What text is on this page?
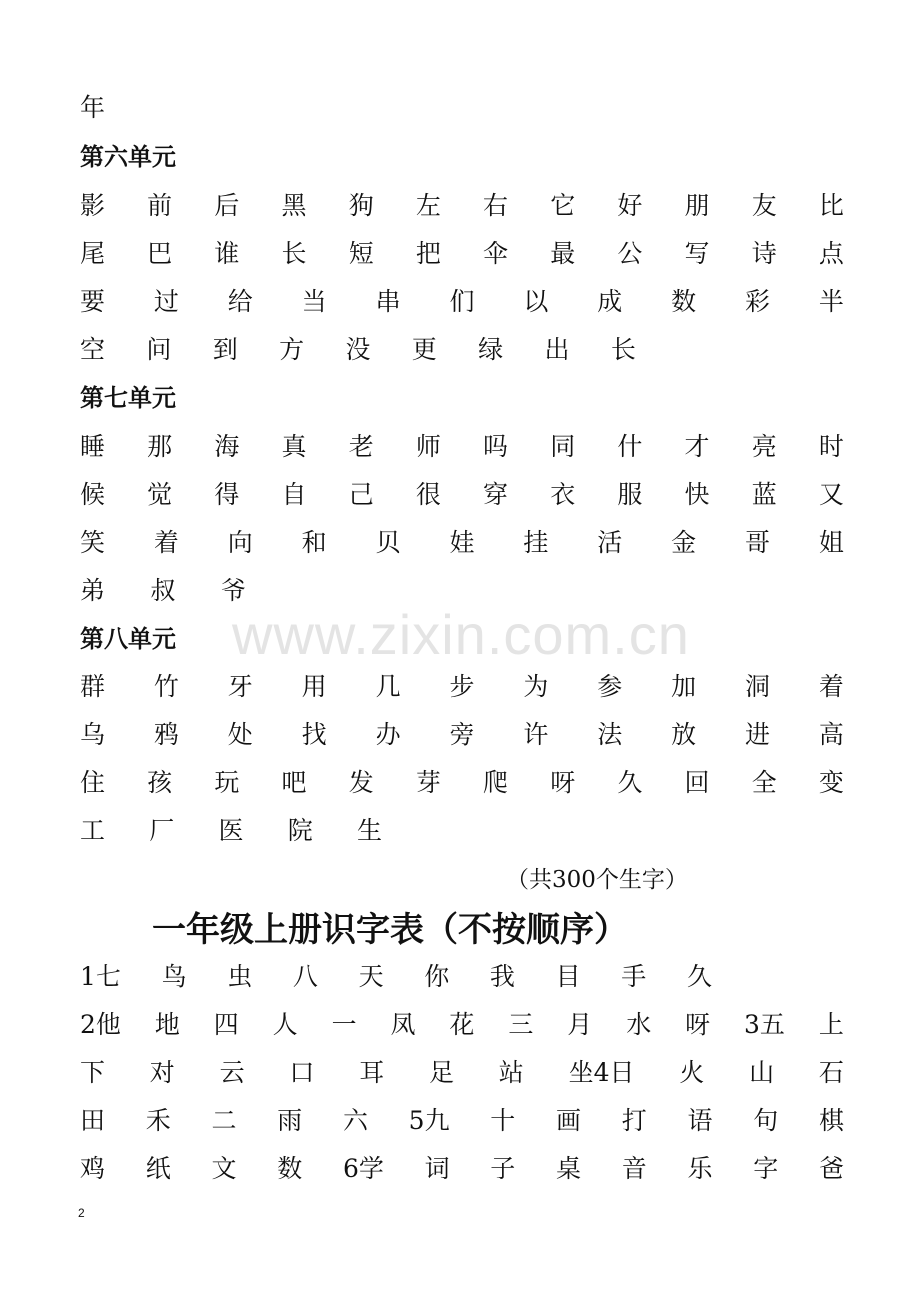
www.zixin.com.cn
年
第六单元
影 前 后 黑 狗 左 右 它 好 朋 友 比
尾 巴 谁 长 短 把 伞 最 公 写 诗 点
要 过 给 当 串 们 以 成 数 彩 半
空 问 到 方 没 更 绿 出 长
第七单元
睡 那 海 真 老 师 吗 同 什 才 亮 时
候 觉 得 自 己 很 穿 衣 服 快 蓝 又
笑 着 向 和 贝 娃 挂 活 金 哥 姐
弟 叔 爷
第八单元
群 竹 牙 用 几 步 为 参 加 洞 着
乌 鸦 处 找 办 旁 许 法 放 进 高
住 孩 玩 吧 发 芽 爬 呀 久 回 全 变
工 厂 医 院 生
（共300个生字）
一年级上册识字表（不按顺序）
1七 鸟 虫 八 天 你 我 目 手 久
2他 地 四 人 一 凤 花 三 月 水 呀 3五 上
下 对 云 口 耳 足 站 坐4日 火 山 石
田 禾 二 雨 六 5九 十 画 打 语 句 棋
鸡 纸 文 数 6学 词 子 桌 音 乐 字 爸
2
